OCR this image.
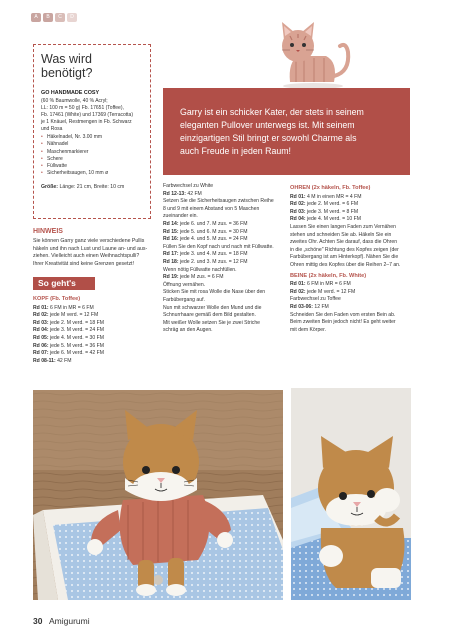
A	B	C	D
Was wird benötigt?
GO HANDMADE COSY
(60 % Baumwolle, 40 % Acryl;
LL: 100 m = 50 g) Fb. 17651 (Toffee),
Fb. 17461 (White) und 17369 (Terracotta)
je 1 Knäuel, Restmengen in Fb. Schwarz
und Rosa
• Häkelnadel, Nr. 3.00 mm
• Nähnadel
• Maschenmarkierer
• Schere
• Füllwatte
• Sicherheitsaugen, 10 mm ø
Größe: Länge: 21 cm, Breite: 10 cm
Garry ist ein schicker Kater, der stets in seinem
eleganten Pullover unterwegs ist. Mit seinem
einzigartigen Stil bringt er sowohl Charme als
auch Freude in jeden Raum!
HINWEIS
Sie können Garry ganz viele verschiedene Pullis
häkeln und ihn nach Lust und Laune an- und aus-
ziehen. Vielleicht auch einen Weihnachtspulli?
Ihrer Kreativität sind keine Grenzen gesetzt!
So geht's
KOPF (Fb. Toffee)
Rd 01: 6 FM in MR = 6 FM
Rd 02: jede M verd. = 12 FM
Rd 03: jede 2. M verd. = 18 FM
Rd 04: jede 3. M verd. = 24 FM
Rd 05: jede 4. M verd. = 30 FM
Rd 06: jede 5. M verd. = 36 FM
Rd 07: jede 6. M verd. = 42 FM
Rd 08-11: 42 FM
Farbwechsel zu White
Rd 12-13: 42 FM
Setzen Sie die Sicherheitsaugen zwischen Reihe
8 und 9 mit einem Abstand von 5 Maschen
zueinander ein.
Rd 14: jede 6. und 7. M zus. = 36 FM
Rd 15: jede 5. und 6. M zus. = 30 FM
Rd 16: jede 4. und 5. M zus. = 24 FM
Füllen Sie den Kopf nach und nach mit Füllwatte.
Rd 17: jede 3. und 4. M zus. = 18 FM
Rd 18: jede 2. und 3. M zus. = 12 FM
Wenn nötig Füllwatte nachfüllen.
Rd 19: jede M zus. = 6 FM
Öffnung vernähen.
Sticken Sie mit rosa Wolle die Nase über den
Farbübergang auf.
Nun mit schwarzer Wolle den Mund und die
Schnurrhaare gemäß dem Bild gestalten.
Mit weißer Wolle setzen Sie je zwei Striche
schräg an den Augen.
OHREN (2x häkeln, Fb. Toffee)
Rd 01: 4 M in einen MR = 4 FM
Rd 02: jede 2. M verd. = 6 FM
Rd 03: jede 3. M verd. = 8 FM
Rd 04: jede 4. M verd. = 10 FM
Lassen Sie einen langen Faden zum Vernähen
stehen und schneiden Sie ab. Häkeln Sie ein
zweites Ohr. Achten Sie darauf, dass die Ohren
in die „schöne" Richtung des Kopfes zeigen (der
Farbübergang ist am Hinterkopf). Nähen Sie die
Ohren mittig des Kopfes über die Reihen 2–7 an.
BEINE (2x häkeln, Fb. White)
Rd 01: 6 FM in MR = 6 FM
Rd 02: jede M verd. = 12 FM
Farbwechsel zu Toffee
Rd 03-06: 12 FM
Schneiden Sie den Faden vom ersten Bein ab.
Beim zweiten Bein jedoch nicht! Es geht weiter
mit dem Körper.
30 Amigurumi
